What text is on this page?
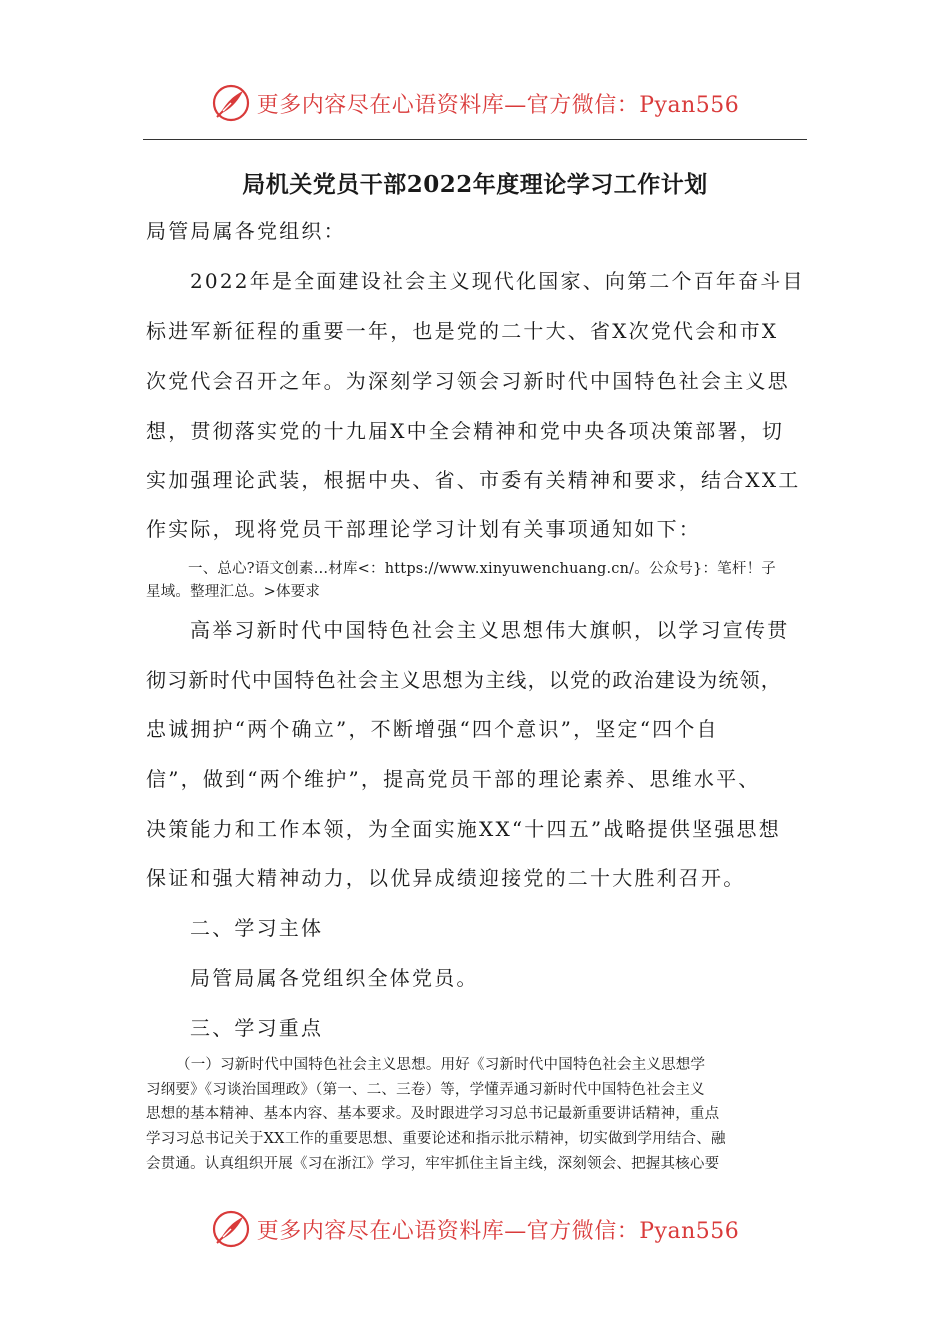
更多内容尽在心语资料库—官方微信：Pyan556
局机关党员干部2022年度理论学习工作计划
局管局属各党组织：
2022年是全面建设社会主义现代化国家、向第二个百年奋斗目
标进军新征程的重要一年，也是党的二十大、省X次党代会和市X
次党代会召开之年。为深刻学习领会习新时代中国特色社会主义思
想，贯彻落实党的十九届X中全会精神和党中央各项决策部署，切
实加强理论武装，根据中央、省、市委有关精神和要求，结合XX工
作实际，现将党员干部理论学习计划有关事项通知如下：
一、总心?语文创素…材库<：https://www.xinyuwenchuang.cn/。公众号}：笔杆！子
星域。整理汇总。>体要求
高举习新时代中国特色社会主义思想伟大旗帜，以学习宣传贯
彻习新时代中国特色社会主义思想为主线，以党的政治建设为统领，
忠诚拥护“两个确立”，不断增强“四个意识”，坚定“四个自
信”，做到“两个维护”，提高党员干部的理论素养、思维水平、
决策能力和工作本领，为全面实施XX“十四五”战略提供坚强思想
保证和强大精神动力，以优异成绩迎接党的二十大胜利召开。
二、学习主体
局管局属各党组织全体党员。
三、学习重点
（一）习新时代中国特色社会主义思想。用好《习新时代中国特色社会主义思想学
习纲要》《习谈治国理政》（第一、二、三卷）等，学懂弄通习新时代中国特色社会主义
思想的基本精神、基本内容、基本要求。及时跟进学习习总书记最新重要讲话精神，重点
学习习总书记关于XX工作的重要思想、重要论述和指示批示精神，切实做到学用结合、融
会贯通。认真组织开展《习在浙江》学习，牢牢抓住主旨主线，深刻领会、把握其核心要
更多内容尽在心语资料库—官方微信：Pyan556
